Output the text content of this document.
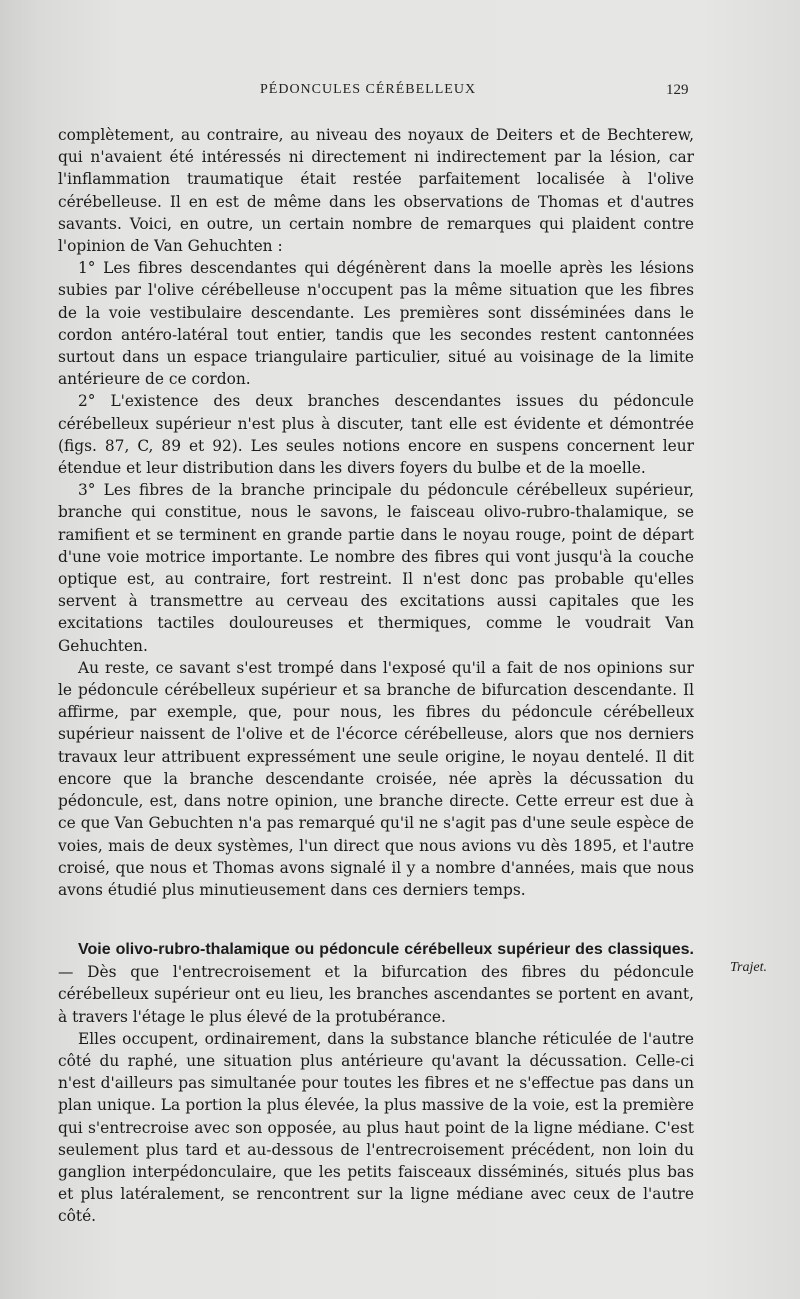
PÉDONCULES CÉRÉBELLEUX	129

complètement, au contraire, au niveau des noyaux de Deiters et de Bechterew, qui n'avaient été intéressés ni directement ni indirectement par la lésion, car l'inflammation traumatique était restée parfaitement localisée à l'olive cérébelleuse. Il en est de même dans les observations de Thomas et d'autres savants. Voici, en outre, un certain nombre de remarques qui plaident contre l'opinion de Van Gehuchten :

1° Les fibres descendantes qui dégénèrent dans la moelle après les lésions subies par l'olive cérébelleuse n'occupent pas la même situation que les fibres de la voie vestibulaire descendante. Les premières sont disséminées dans le cordon antéro-latéral tout entier, tandis que les secondes restent cantonnées surtout dans un espace triangulaire particulier, situé au voisinage de la limite antérieure de ce cordon.

2° L'existence des deux branches descendantes issues du pédoncule cérébelleux supérieur n'est plus à discuter, tant elle est évidente et démontrée (figs. 87, C, 89 et 92). Les seules notions encore en suspens concernent leur étendue et leur distribution dans les divers foyers du bulbe et de la moelle.

3° Les fibres de la branche principale du pédoncule cérébelleux supérieur, branche qui constitue, nous le savons, le faisceau olivo-rubro-thalamique, se ramifient et se terminent en grande partie dans le noyau rouge, point de départ d'une voie motrice importante. Le nombre des fibres qui vont jusqu'à la couche optique est, au contraire, fort restreint. Il n'est donc pas probable qu'elles servent à transmettre au cerveau des excitations aussi capitales que les excitations tactiles douloureuses et thermiques, comme le voudrait Van Gehuchten.

Au reste, ce savant s'est trompé dans l'exposé qu'il a fait de nos opinions sur le pédoncule cérébelleux supérieur et sa branche de bifurcation descendante. Il affirme, par exemple, que, pour nous, les fibres du pédoncule cérébelleux supérieur naissent de l'olive et de l'écorce cérébelleuse, alors que nos derniers travaux leur attribuent expressément une seule origine, le noyau dentelé. Il dit encore que la branche descendante croisée, née après la décussation du pédoncule, est, dans notre opinion, une branche directe. Cette erreur est due à ce que Van Gebuchten n'a pas remarqué qu'il ne s'agit pas d'une seule espèce de voies, mais de deux systèmes, l'un direct que nous avions vu dès 1895, et l'autre croisé, que nous et Thomas avons signalé il y a nombre d'années, mais que nous avons étudié plus minutieusement dans ces derniers temps.

Voie olivo-rubro-thalamique ou pédoncule cérébelleux supérieur des classiques. — Dès que l'entrecroisement et la bifurcation des fibres du pédoncule cérébelleux supérieur ont eu lieu, les branches ascendantes se portent en avant, à travers l'étage le plus élevé de la protubérance.

Elles occupent, ordinairement, dans la substance blanche réticulée de l'autre côté du raphé, une situation plus antérieure qu'avant la décussation. Celle-ci n'est d'ailleurs pas simultanée pour toutes les fibres et ne s'effectue pas dans un plan unique. La portion la plus élevée, la plus massive de la voie, est la première qui s'entrecroise avec son opposée, au plus haut point de la ligne médiane. C'est seulement plus tard et au-dessous de l'entrecroisement précédent, non loin du ganglion interpédonculaire, que les petits faisceaux disséminés, situés plus bas et plus latéralement, se rencontrent sur la ligne médiane avec ceux de l'autre côté.

Trajet.
